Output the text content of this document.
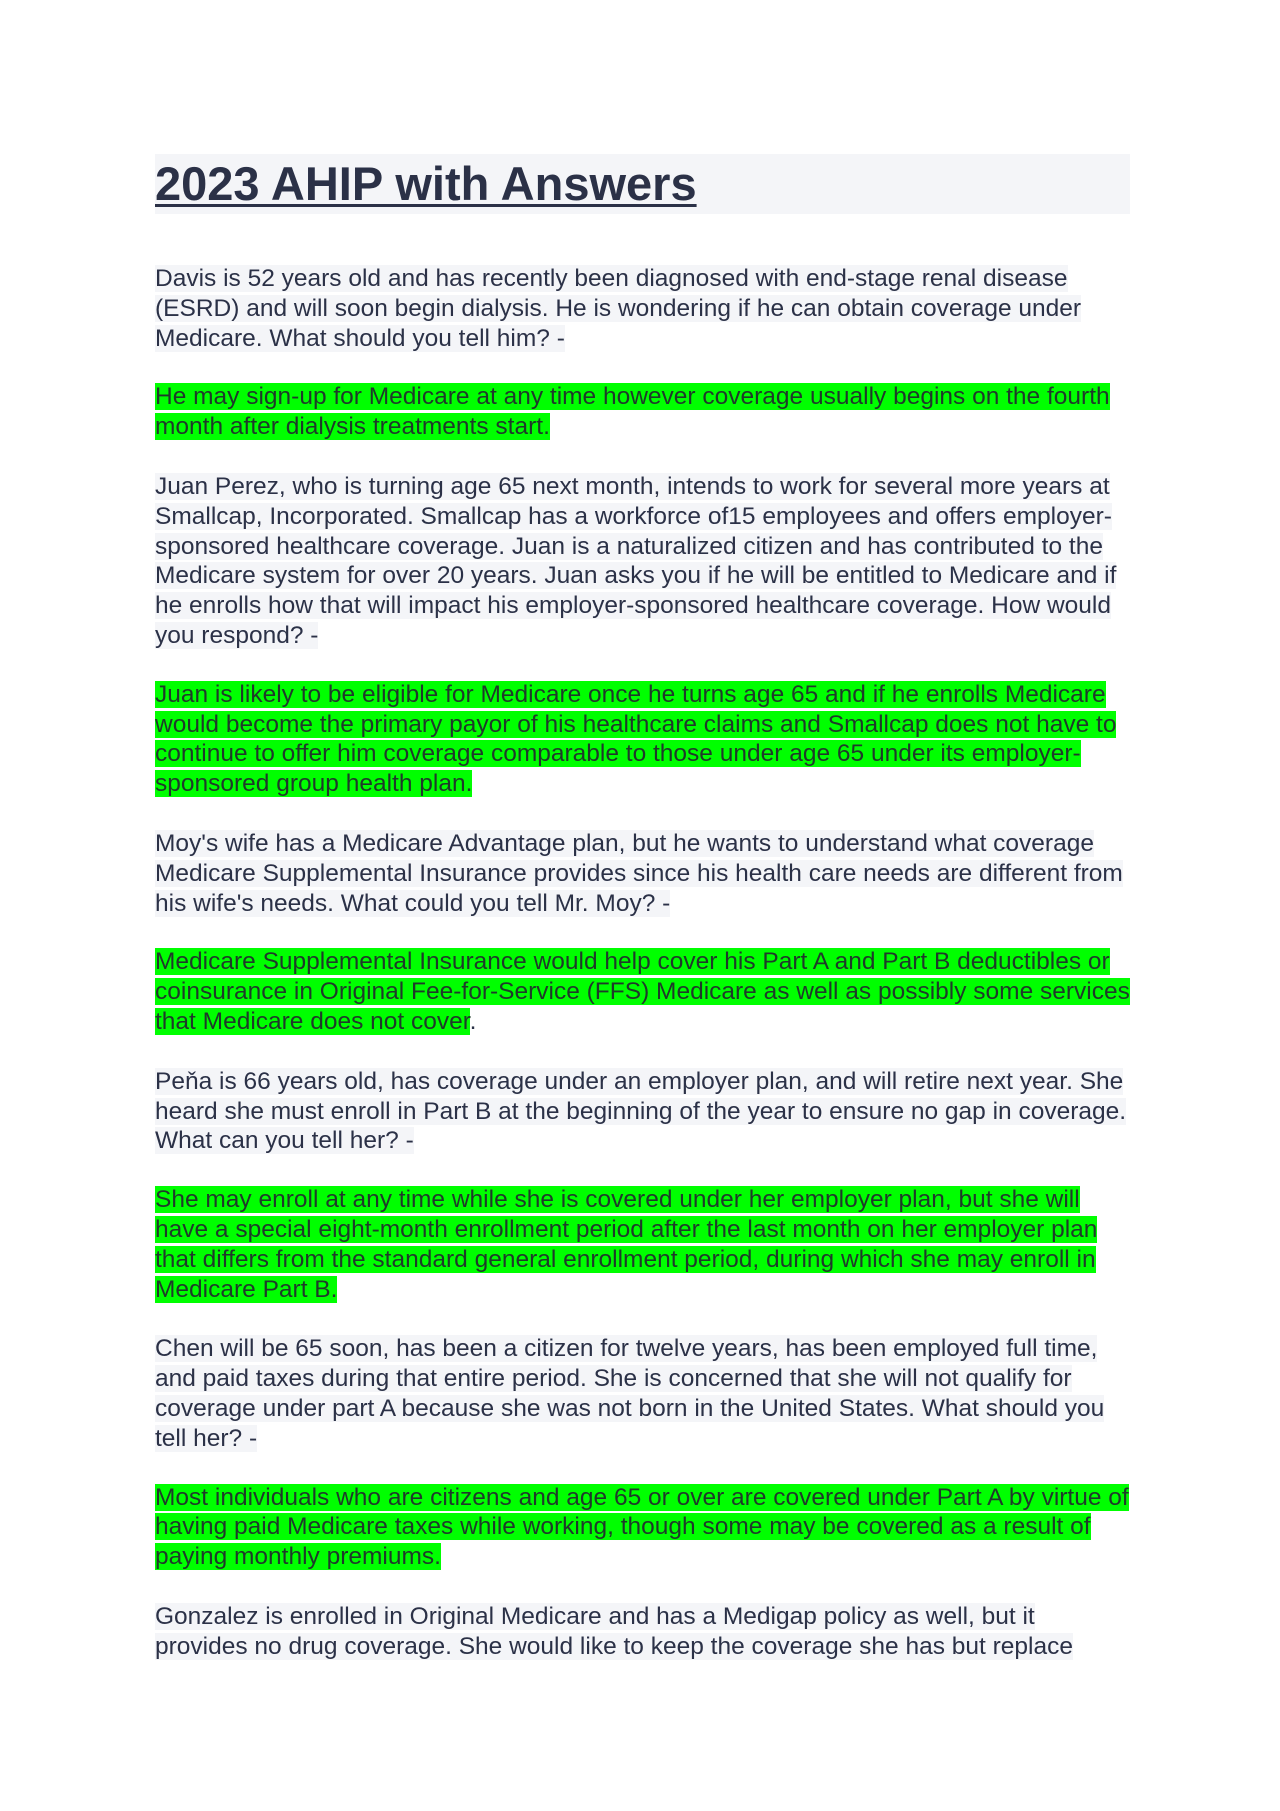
2023 AHIP with Answers

Davis is 52 years old and has recently been diagnosed with end-stage renal disease (ESRD) and will soon begin dialysis. He is wondering if he can obtain coverage under Medicare. What should you tell him? -

He may sign-up for Medicare at any time however coverage usually begins on the fourth month after dialysis treatments start.

Juan Perez, who is turning age 65 next month, intends to work for several more years at Smallcap, Incorporated. Smallcap has a workforce of15 employees and offers employer-sponsored healthcare coverage. Juan is a naturalized citizen and has contributed to the Medicare system for over 20 years. Juan asks you if he will be entitled to Medicare and if he enrolls how that will impact his employer-sponsored healthcare coverage. How would you respond? -

Juan is likely to be eligible for Medicare once he turns age 65 and if he enrolls Medicare would become the primary payor of his healthcare claims and Smallcap does not have to continue to offer him coverage comparable to those under age 65 under its employer-sponsored group health plan.

Moy's wife has a Medicare Advantage plan, but he wants to understand what coverage Medicare Supplemental Insurance provides since his health care needs are different from his wife's needs. What could you tell Mr. Moy? -

Medicare Supplemental Insurance would help cover his Part A and Part B deductibles or coinsurance in Original Fee-for-Service (FFS) Medicare as well as possibly some services that Medicare does not cover.

Peňa is 66 years old, has coverage under an employer plan, and will retire next year. She heard she must enroll in Part B at the beginning of the year to ensure no gap in coverage. What can you tell her? -

She may enroll at any time while she is covered under her employer plan, but she will have a special eight-month enrollment period after the last month on her employer plan that differs from the standard general enrollment period, during which she may enroll in Medicare Part B.

Chen will be 65 soon, has been a citizen for twelve years, has been employed full time, and paid taxes during that entire period. She is concerned that she will not qualify for coverage under part A because she was not born in the United States. What should you tell her? -

Most individuals who are citizens and age 65 or over are covered under Part A by virtue of having paid Medicare taxes while working, though some may be covered as a result of paying monthly premiums.

Gonzalez is enrolled in Original Medicare and has a Medigap policy as well, but it provides no drug coverage. She would like to keep the coverage she has but replace
